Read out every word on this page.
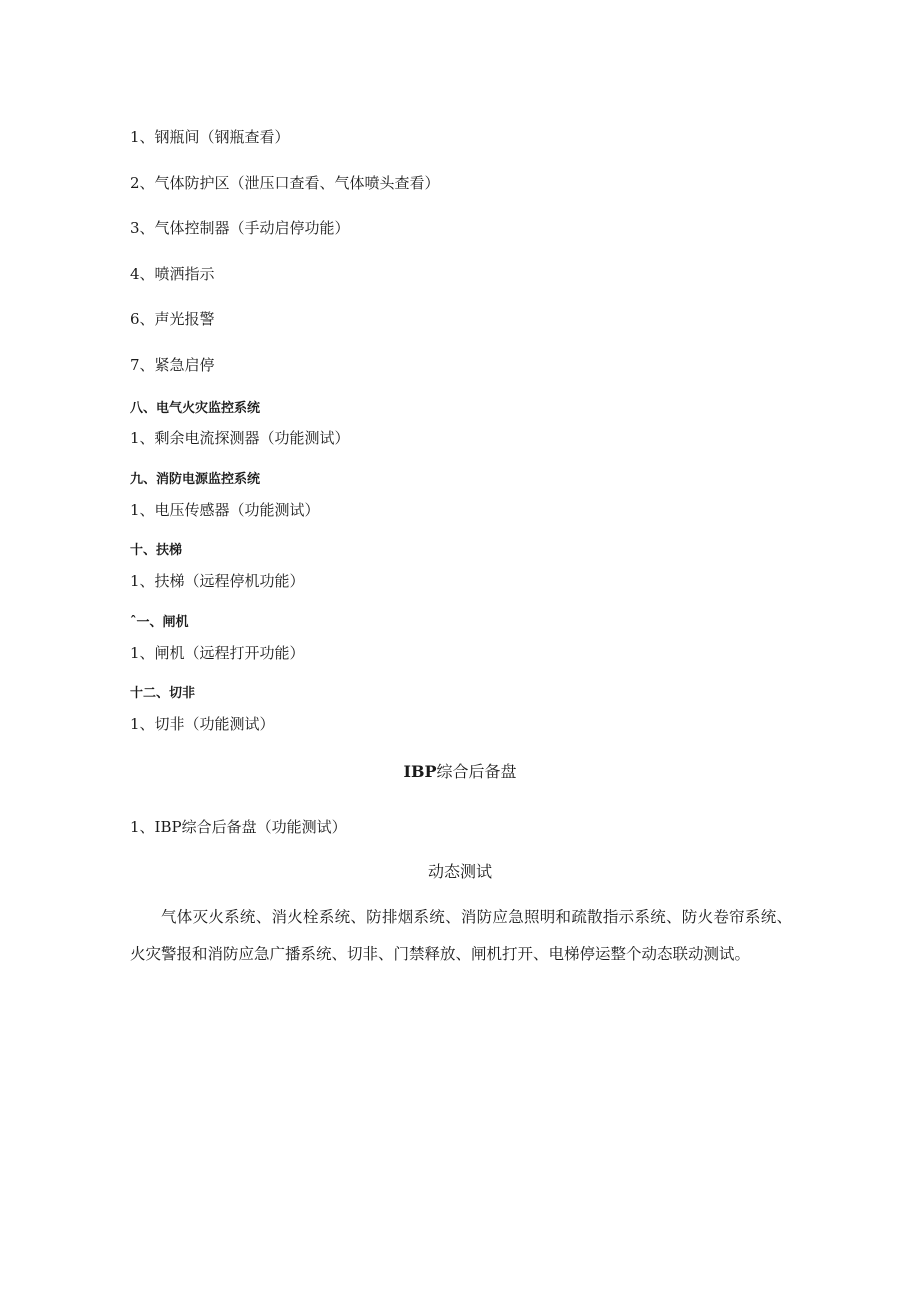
1、钢瓶间（钢瓶查看）
2、气体防护区（泄压口查看、气体喷头查看）
3、气体控制器（手动启停功能）
4、喷洒指示
6、声光报警
7、紧急启停
八、电气火灾监控系统
1、剩余电流探测器（功能测试）
九、消防电源监控系统
1、电压传感器（功能测试）
十、扶梯
1、扶梯（远程停机功能）
ˆ一、闸机
1、闸机（远程打开功能）
十二、切非
1、切非（功能测试）
IBP综合后备盘
1、IBP综合后备盘（功能测试）
动态测试
气体灭火系统、消火栓系统、防排烟系统、消防应急照明和疏散指示系统、防火卷帘系统、火灾警报和消防应急广播系统、切非、门禁释放、闸机打开、电梯停运整个动态联动测试。
